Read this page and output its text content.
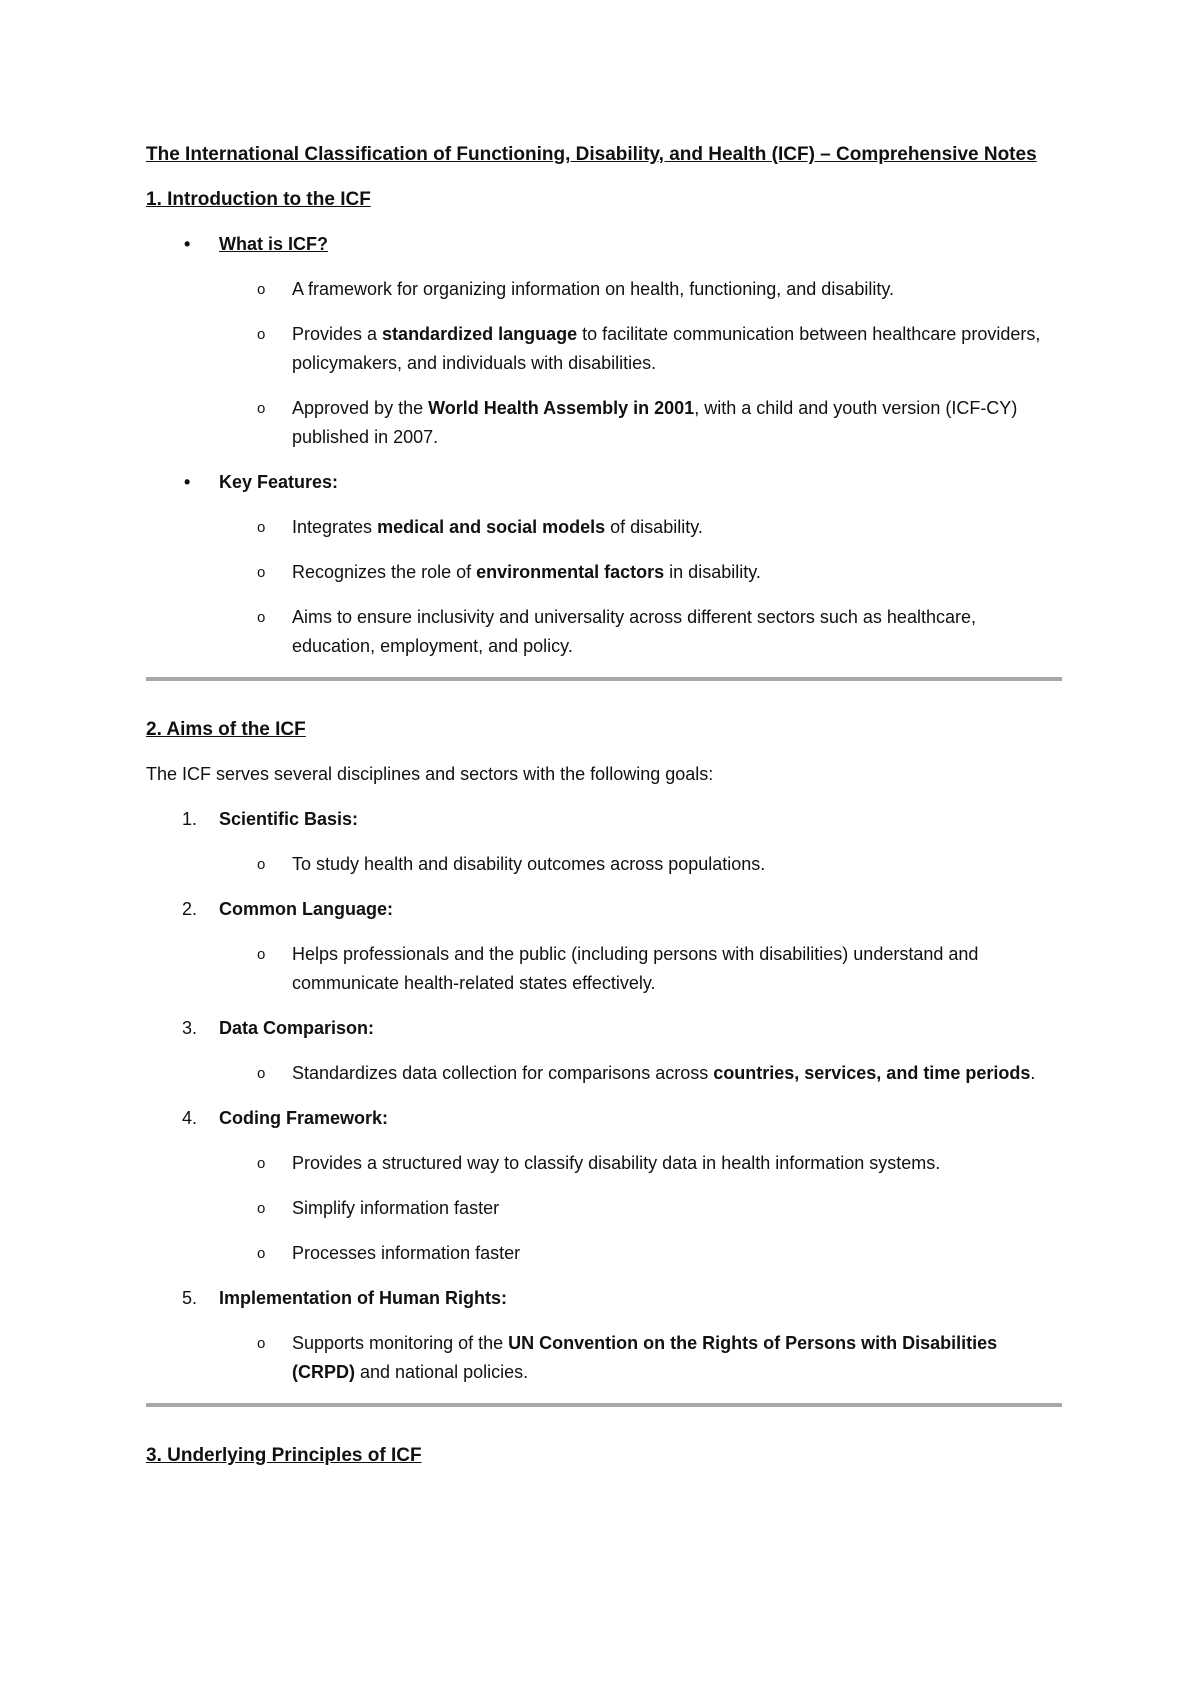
The International Classification of Functioning, Disability, and Health (ICF) – Comprehensive Notes

1. Introduction to the ICF

• What is ICF?
o A framework for organizing information on health, functioning, and disability.
o Provides a standardized language to facilitate communication between healthcare providers, policymakers, and individuals with disabilities.
o Approved by the World Health Assembly in 2001, with a child and youth version (ICF-CY) published in 2007.
• Key Features:
o Integrates medical and social models of disability.
o Recognizes the role of environmental factors in disability.
o Aims to ensure inclusivity and universality across different sectors such as healthcare, education, employment, and policy.

2. Aims of the ICF

The ICF serves several disciplines and sectors with the following goals:

1. Scientific Basis:
o To study health and disability outcomes across populations.
2. Common Language:
o Helps professionals and the public (including persons with disabilities) understand and communicate health-related states effectively.
3. Data Comparison:
o Standardizes data collection for comparisons across countries, services, and time periods.
4. Coding Framework:
o Provides a structured way to classify disability data in health information systems.
o Simplify information faster
o Processes information faster
5. Implementation of Human Rights:
o Supports monitoring of the UN Convention on the Rights of Persons with Disabilities (CRPD) and national policies.

3. Underlying Principles of ICF
